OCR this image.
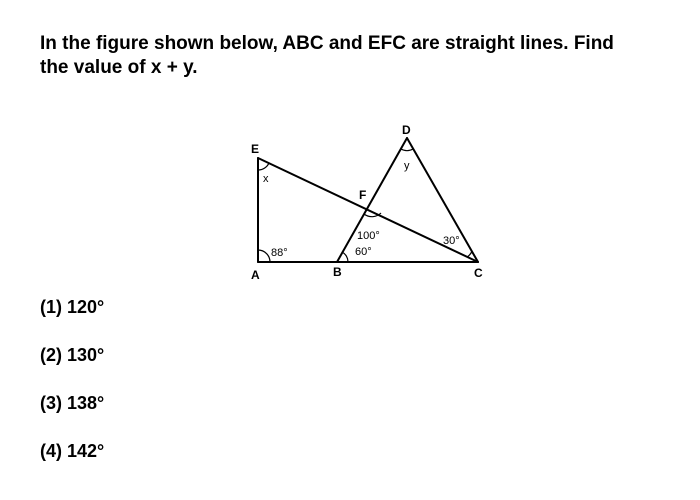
In the figure shown below, ABC and EFC are straight lines. Find
the value of x + y.

A	B	C
D
E
F
x
y
88°
100°
60°
30°
(1) 120°
(2) 130°
(3) 138°
(4) 142°
